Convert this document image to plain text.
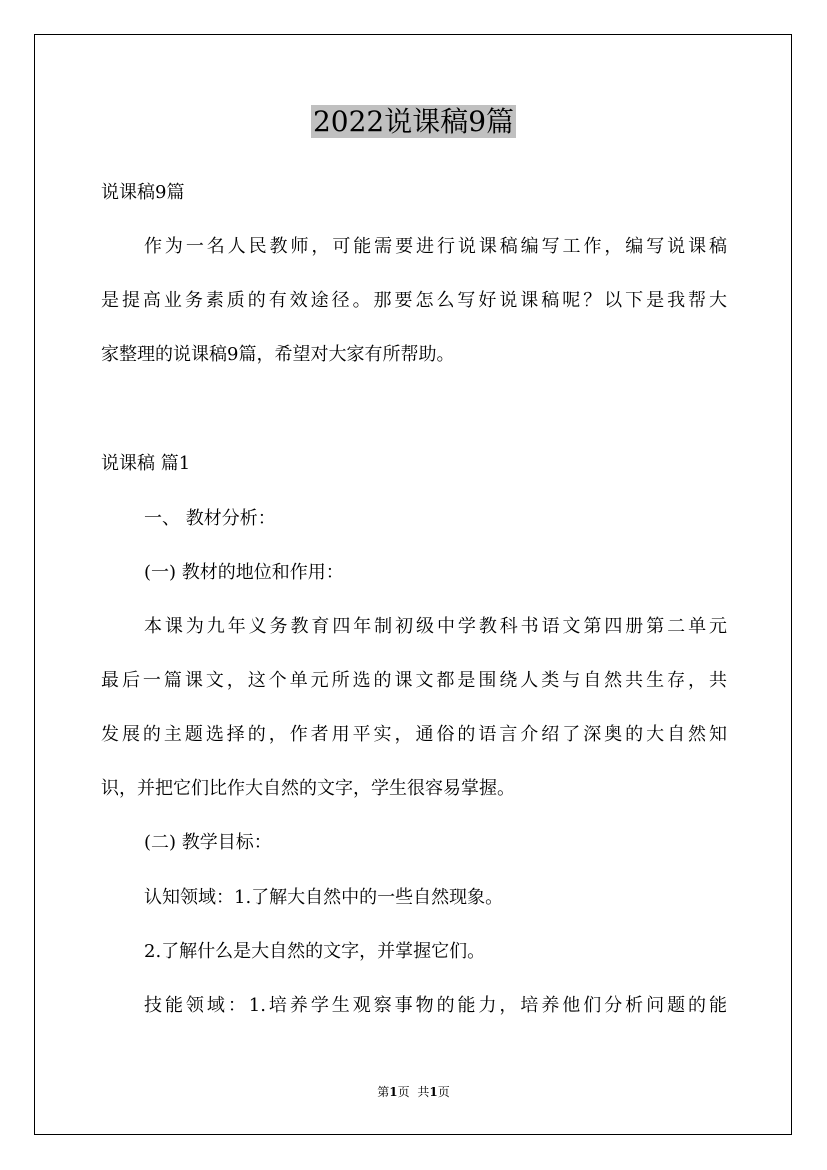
2022说课稿9篇
说课稿9篇
作为一名人民教师，可能需要进行说课稿编写工作，编写说课稿
是提高业务素质的有效途径。那要怎么写好说课稿呢？以下是我帮大
家整理的说课稿9篇，希望对大家有所帮助。
说课稿 篇1
一、 教材分析：
(一) 教材的地位和作用：
本课为九年义务教育四年制初级中学教科书语文第四册第二单元
最后一篇课文，这个单元所选的课文都是围绕人类与自然共生存，共
发展的主题选择的，作者用平实，通俗的语言介绍了深奥的大自然知
识，并把它们比作大自然的文字，学生很容易掌握。
(二) 教学目标：
认知领域：1.了解大自然中的一些自然现象。
2.了解什么是大自然的文字，并掌握它们。
技能领域：1.培养学生观察事物的能力，培养他们分析问题的能
第1页 共1页
